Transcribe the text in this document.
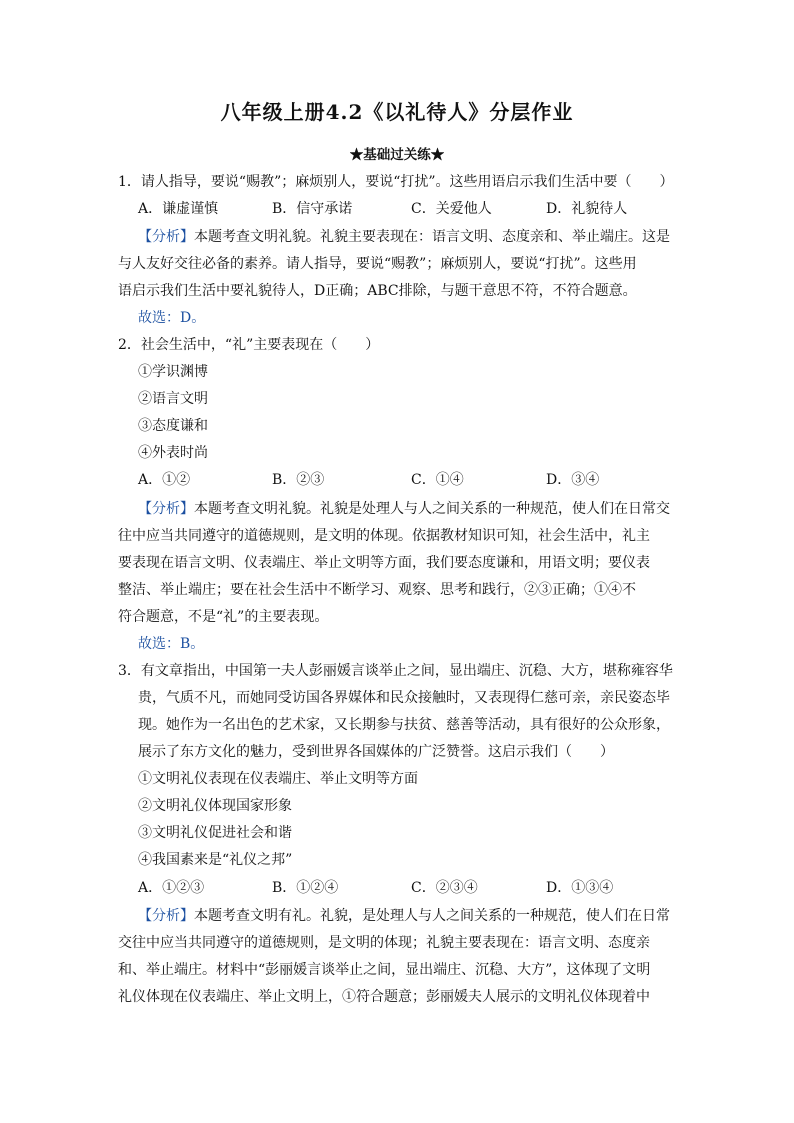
八年级上册4.2《以礼待人》分层作业
★基础过关练★
1．请人指导，要说“赐教”；麻烦别人，要说“打扰”。这些用语启示我们生活中要（　　）
A．谦虚谨慎	B．信守承诺	C．关爱他人	D．礼貌待人
【分析】本题考查文明礼貌。礼貌主要表现在：语言文明、态度亲和、举止端庄。这是
与人友好交往必备的素养。请人指导，要说“赐教”；麻烦别人，要说“打扰”。这些用
语启示我们生活中要礼貌待人，D正确；ABC排除，与题干意思不符，不符合题意。
故选：D。
2．社会生活中，“礼”主要表现在（　　）
①学识渊博
②语言文明
③态度谦和
④外表时尚
A．①②	B．②③	C．①④	D．③④
【分析】本题考查文明礼貌。礼貌是处理人与人之间关系的一种规范，使人们在日常交
往中应当共同遵守的道德规则，是文明的体现。依据教材知识可知，社会生活中，礼主
要表现在语言文明、仪表端庄、举止文明等方面，我们要态度谦和，用语文明；要仪表
整洁、举止端庄；要在社会生活中不断学习、观察、思考和践行，②③正确；①④不
符合题意，不是“礼”的主要表现。
故选：B。
3．有文章指出，中国第一夫人彭丽媛言谈举止之间，显出端庄、沉稳、大方，堪称雍容华
贵，气质不凡，而她同受访国各界媒体和民众接触时，又表现得仁慈可亲，亲民姿态毕
现。她作为一名出色的艺术家，又长期参与扶贫、慈善等活动，具有很好的公众形象，
展示了东方文化的魅力，受到世界各国媒体的广泛赞誉。这启示我们（　　）
①文明礼仪表现在仪表端庄、举止文明等方面
②文明礼仪体现国家形象
③文明礼仪促进社会和谐
④我国素来是“礼仪之邦”
A．①②③	B．①②④	C．②③④	D．①③④
【分析】本题考查文明有礼。礼貌，是处理人与人之间关系的一种规范，使人们在日常
交往中应当共同遵守的道德规则，是文明的体现；礼貌主要表现在：语言文明、态度亲
和、举止端庄。材料中“彭丽媛言谈举止之间，显出端庄、沉稳、大方”，这体现了文明
礼仪体现在仪表端庄、举止文明上，①符合题意；彭丽媛夫人展示的文明礼仪体现着中
